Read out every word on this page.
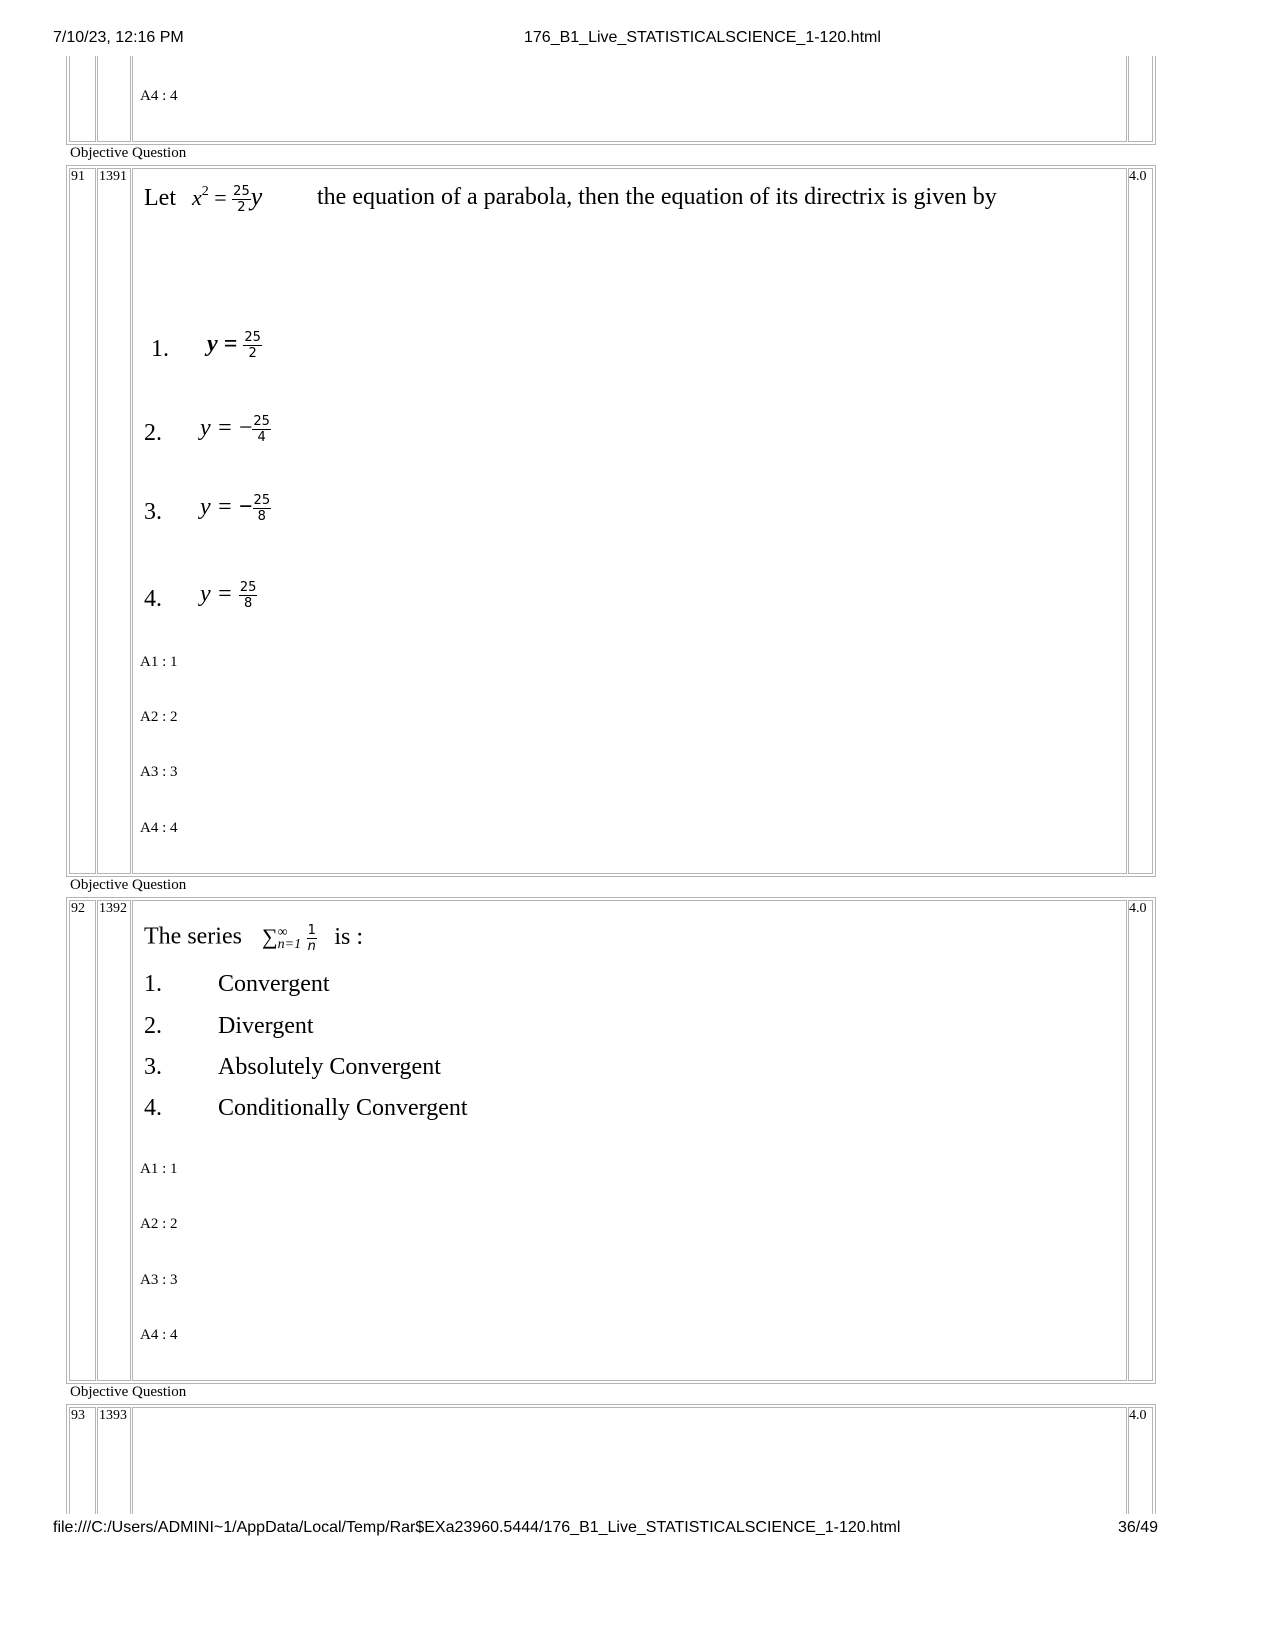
7/10/23, 12:16 PM	176_B1_Live_STATISTICALSCIENCE_1-120.html
A4 : 4
Objective Question
91 1391	4.0
Let $x^2 = \frac{25}{2}$ y the equation of a parabola, then the equation of its directrix is given by
1. $y = \frac{25}{2}$
2. y = − $\frac{25}{4}$
3. y = − $\frac{25}{8}$
4. $y = \frac{25}{8}$
A1 : 1
A2 : 2
A3 : 3
A4 : 4
Objective Question
92 1392	4.0
The series ∑ ∞
n=1
$\frac{1}{n}$ is :
1. Convergent
2. Divergent
3. Absolutely Convergent
4. Conditionally Convergent
A1 : 1
A2 : 2
A3 : 3
A4 : 4
Objective Question
93 1393	4.0
file:///C:/Users/ADMINI~1/AppData/Local/Temp/Rar$EXa23960.5444/176_B1_Live_STATISTICALSCIENCE_1-120.html	36/49
